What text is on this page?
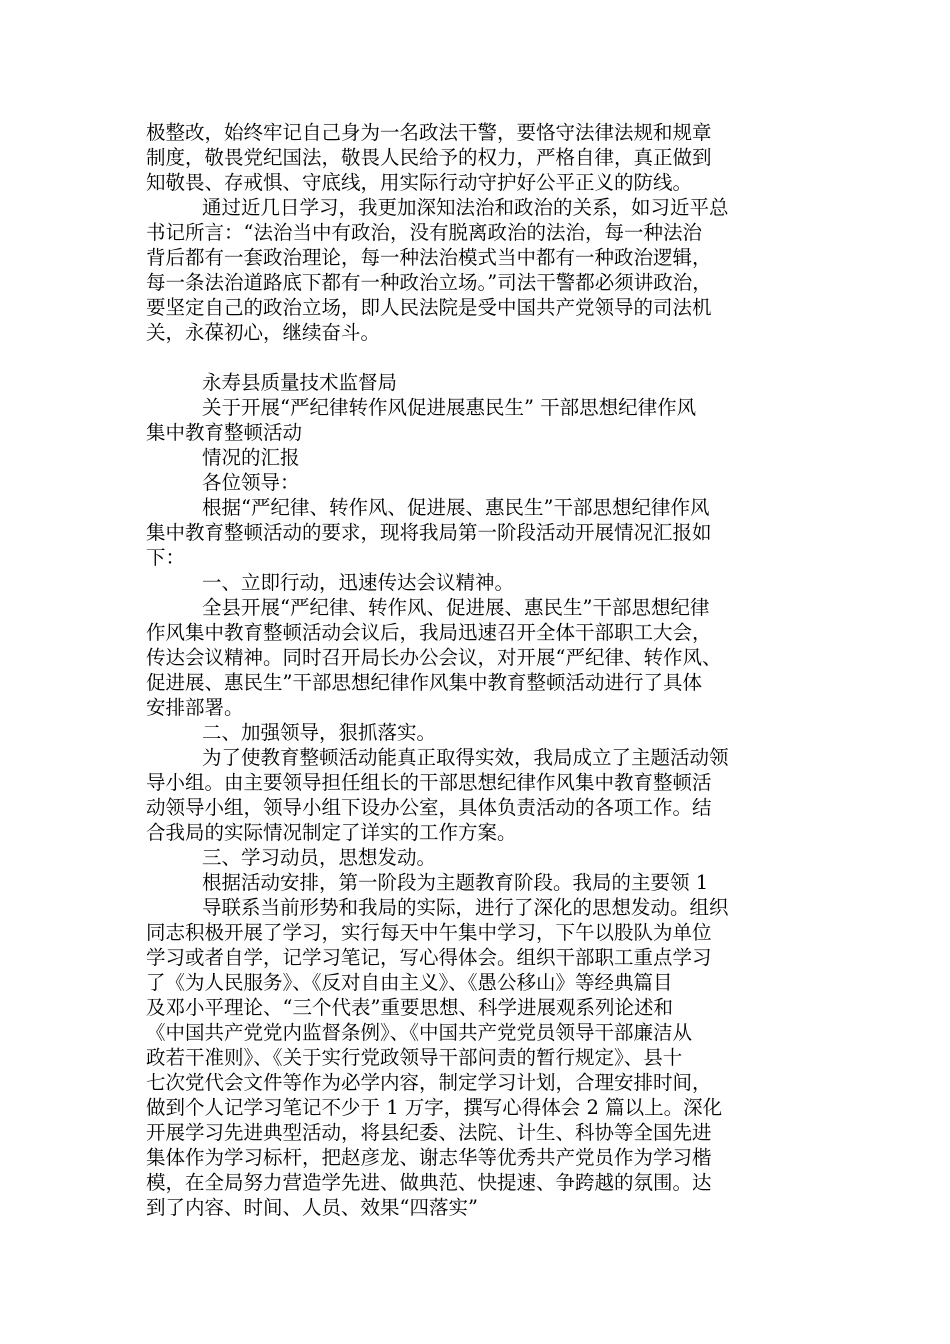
极整改，始终牢记自己身为一名政法干警，要恪守法律法规和规章
制度，敬畏党纪国法，敬畏人民给予的权力，严格自律，真正做到
知敬畏、存戒惧、守底线，用实际行动守护好公平正义的防线。
通过近几日学习，我更加深知法治和政治的关系，如习近平总
书记所言：“法治当中有政治，没有脱离政治的法治，每一种法治
背后都有一套政治理论，每一种法治模式当中都有一种政治逻辑，
每一条法治道路底下都有一种政治立场。”司法干警都必须讲政治，
要坚定自己的政治立场，即人民法院是受中国共产党领导的司法机
关，永葆初心，继续奋斗。
永寿县质量技术监督局
关于开展“严纪律转作风促进展惠民生” 干部思想纪律作风
集中教育整顿活动
情况的汇报
各位领导：
根据“严纪律、转作风、促进展、惠民生”干部思想纪律作风
集中教育整顿活动的要求，现将我局第一阶段活动开展情况汇报如
下：
一、立即行动，迅速传达会议精神。
全县开展“严纪律、转作风、促进展、惠民生”干部思想纪律
作风集中教育整顿活动会议后，我局迅速召开全体干部职工大会，
传达会议精神。同时召开局长办公会议，对开展“严纪律、转作风、
促进展、惠民生”干部思想纪律作风集中教育整顿活动进行了具体
安排部署。
二、加强领导，狠抓落实。
为了使教育整顿活动能真正取得实效，我局成立了主题活动领
导小组。由主要领导担任组长的干部思想纪律作风集中教育整顿活
动领导小组，领导小组下设办公室，具体负责活动的各项工作。结
合我局的实际情况制定了详实的工作方案。
三、学习动员，思想发动。
根据活动安排，第一阶段为主题教育阶段。我局的主要领 1
导联系当前形势和我局的实际，进行了深化的思想发动。组织
同志积极开展了学习，实行每天中午集中学习，下午以股队为单位
学习或者自学，记学习笔记，写心得体会。组织干部职工重点学习
了《为人民服务》、《反对自由主义》、《愚公移山》等经典篇目
及邓小平理论、“三个代表”重要思想、科学进展观系列论述和
《中国共产党党内监督条例》、《中国共产党党员领导干部廉洁从
政若干准则》、《关于实行党政领导干部问责的暂行规定》、县十
七次党代会文件等作为必学内容，制定学习计划，合理安排时间，
做到个人记学习笔记不少于 1 万字，撰写心得体会 2 篇以上。深化
开展学习先进典型活动，将县纪委、法院、计生、科协等全国先进
集体作为学习标杆，把赵彦龙、谢志华等优秀共产党员作为学习楷
模，在全局努力营造学先进、做典范、快提速、争跨越的氛围。达
到了内容、时间、人员、效果“四落实”
